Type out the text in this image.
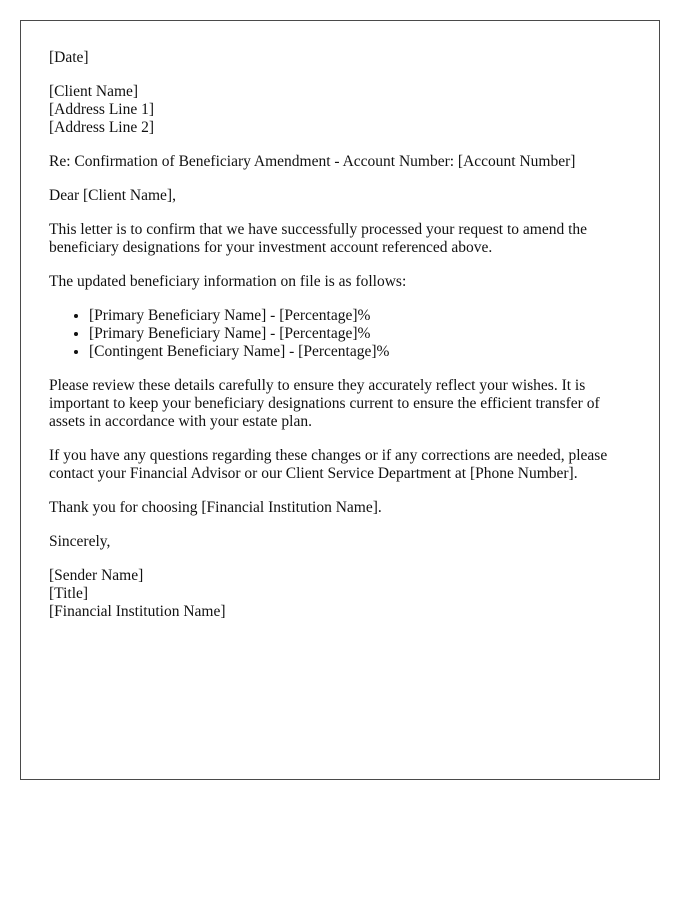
[Date]

[Client Name]
[Address Line 1]
[Address Line 2]

Re: Confirmation of Beneficiary Amendment - Account Number: [Account Number]

Dear [Client Name],

This letter is to confirm that we have successfully processed your request to amend the beneficiary designations for your investment account referenced above.

The updated beneficiary information on file is as follows:

• [Primary Beneficiary Name] - [Percentage]%
• [Primary Beneficiary Name] - [Percentage]%
• [Contingent Beneficiary Name] - [Percentage]%

Please review these details carefully to ensure they accurately reflect your wishes. It is important to keep your beneficiary designations current to ensure the efficient transfer of assets in accordance with your estate plan.

If you have any questions regarding these changes or if any corrections are needed, please contact your Financial Advisor or our Client Service Department at [Phone Number].

Thank you for choosing [Financial Institution Name].

Sincerely,

[Sender Name]
[Title]
[Financial Institution Name]
